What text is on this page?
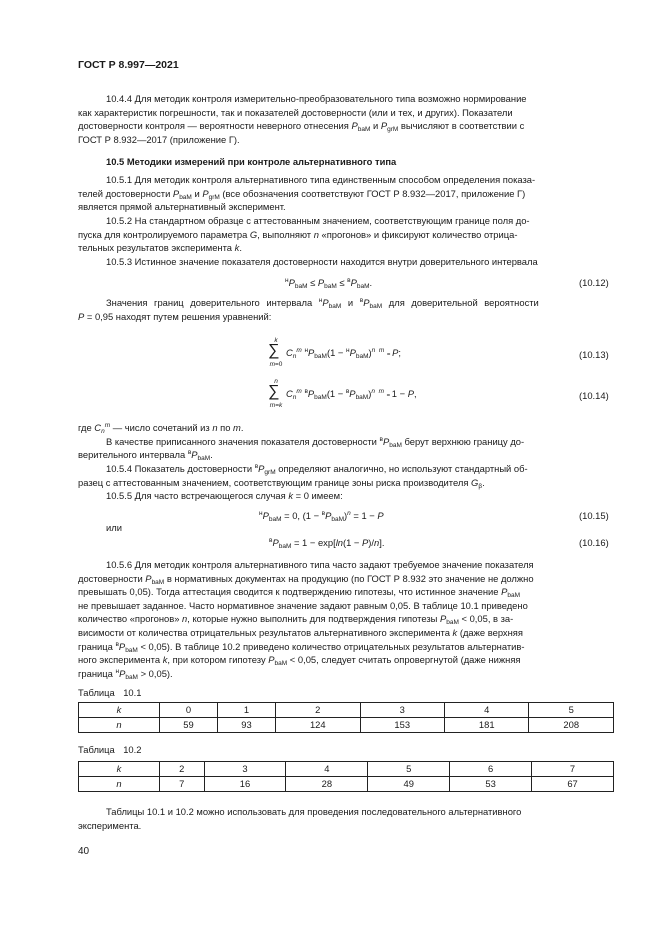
ГОСТ Р 8.997—2021
10.4.4 Для методик контроля измерительно-преобразовательного типа возможно нормирование
как характеристик погрешности, так и показателей достоверности (или и тех, и других). Показатели
достоверности контроля — вероятности неверного отнесения $P_{baM}$ и $P_{grM}$ вычисляют в соответствии с
ГОСТ Р 8.932—2017 (приложение Г).
10.5 Методики измерений при контроле альтернативного типа
10.5.1 Для методик контроля альтернативного типа единственным способом определения показа-
телей достоверности $P_{baM}$ и $P_{grM}$ (все обозначения соответствуют ГОСТ Р 8.932—2017, приложение Г)
является прямой альтернативный эксперимент.
10.5.2 На стандартном образце с аттестованным значением, соответствующим границе поля до-
пуска для контролируемого параметра G, выполняют n «прогонов» и фиксируют количество отрица-
тельных результатов эксперимента k.
10.5.3 Истинное значение показателя достоверности находится внутри доверительного интервала
$^нP_{baM} \le P_{baM} \le ^вP_{baM}$.	(10.12)
Значения границ доверительного интервала $^нP_{baM}$ и $^вP_{baM}$ для доверительной вероятности
P = 0,95 находят путем решения уравнений:
k
∑
m=0
$C_n^m$ $^нP_{baM}(1 - ^нP_{baM})^{n m} = P$;	(10.13)
n
∑
m=k
$C_n^m$ $^вP_{baM}(1 - ^вP_{baM})^{n m} = 1 - P$,	(10.14)
где $C_n^m$ — число сочетаний из n по m.
В качестве приписанного значения показателя достоверности $^вP_{baM}$ берут верхнюю границу до-
верительного интервала $^вP_{baM}$.
10.5.4 Показатель достоверности $^вP_{grM}$ определяют аналогично, но используют стандартный об-
разец с аттестованным значением, соответствующим границе зоны риска производителя $G_\beta$.
10.5.5 Для часто встречающегося случая k = 0 имеем:
$^нP_{baM} = 0$, $(1 - ^вP_{baM})^n = 1 - P$	(10.15)
или
$^вP_{baM} = 1 - \exp[\ln(1 - P)/n]$.	(10.16)
10.5.6 Для методик контроля альтернативного типа часто задают требуемое значение показателя
достоверности $P_{baM}$ в нормативных документах на продукцию (по ГОСТ Р 8.932 это значение не должно
превышать 0,05). Тогда аттестация сводится к подтверждению гипотезы, что истинное значение $P_{baM}$
не превышает заданное. Часто нормативное значение задают равным 0,05. В таблице 10.1 приведено
количество «прогонов» n, которые нужно выполнить для подтверждения гипотезы $P_{baM} < 0,05$, в за-
висимости от количества отрицательных результатов альтернативного эксперимента k (даже верхняя
граница $^вP_{baM} < 0,05$). В таблице 10.2 приведено количество отрицательных результатов альтернатив-
ного эксперимента k, при котором гипотезу $P_{baM} < 0,05$, следует считать опровергнутой (даже нижняя
граница $^нP_{baM} > 0,05$).
Таблица 10.1
k	0	1	2	3	4	5
n	59	93	124	153	181	208
Таблица 10.2
k	2	3	4	5	6	7
n	7	16	28	49	53	67
Таблицы 10.1 и 10.2 можно использовать для проведения последовательного альтернативного
эксперимента.
40
